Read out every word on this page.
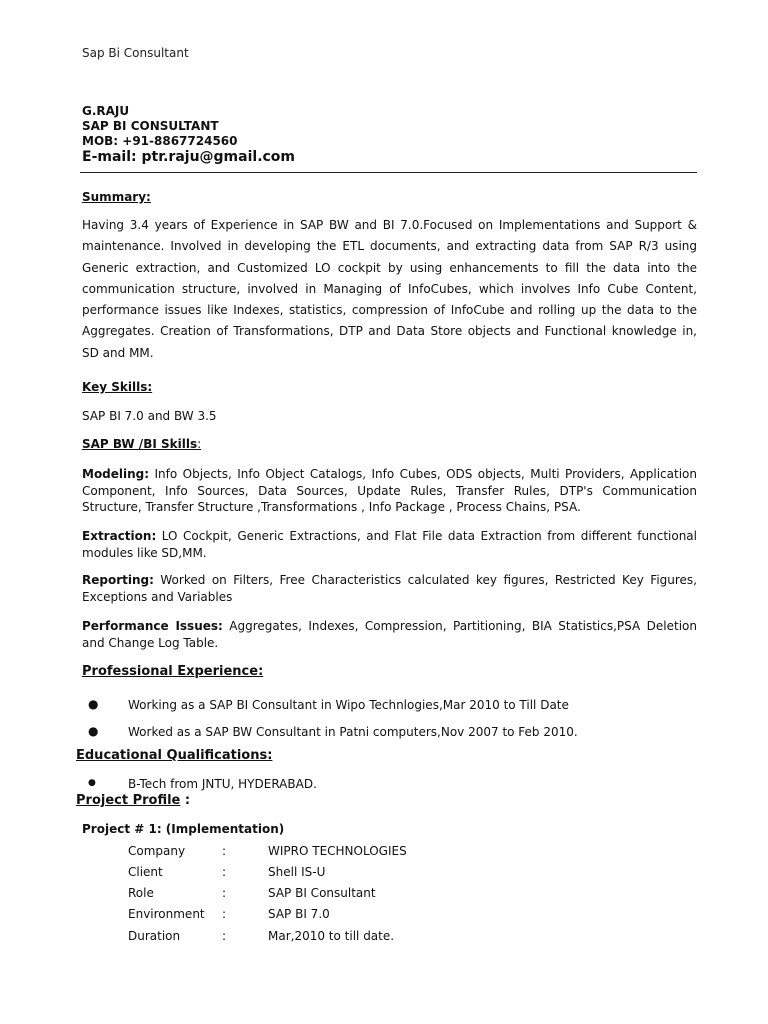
Sap Bi Consultant
G.RAJU
SAP BI CONSULTANT
MOB: +91-8867724560
E-mail: ptr.raju@gmail.com
Summary:
Having 3.4 years of Experience in SAP BW and BI 7.0.Focused on Implementations and Support & maintenance. Involved in developing the ETL documents, and extracting data from SAP R/3 using Generic extraction, and Customized LO cockpit by using enhancements to fill the data into the communication structure, involved in Managing of InfoCubes, which involves Info Cube Content, performance issues like Indexes, statistics, compression of InfoCube and rolling up the data to the Aggregates. Creation of Transformations, DTP and Data Store objects and Functional knowledge in, SD and MM.
Key Skills:
SAP BI 7.0 and BW 3.5
SAP BW /BI Skills:
Modeling: Info Objects, Info Object Catalogs, Info Cubes, ODS objects, Multi Providers, Application Component, Info Sources, Data Sources, Update Rules, Transfer Rules, DTP's Communication Structure, Transfer Structure ,Transformations , Info Package , Process Chains, PSA.
Extraction: LO Cockpit, Generic Extractions, and Flat File data Extraction from different functional modules like SD,MM.
Reporting: Worked on Filters, Free Characteristics calculated key figures, Restricted Key Figures, Exceptions and Variables
Performance Issues: Aggregates, Indexes, Compression, Partitioning, BIA Statistics,PSA Deletion and Change Log Table.
Professional Experience:
● Working as a SAP BI Consultant in Wipo Technlogies,Mar 2010 to Till Date
● Worked as a SAP BW Consultant in Patni computers,Nov 2007 to Feb 2010.
Educational Qualifications:
●	B-Tech from JNTU, HYDERABAD.
Project Profile :
Project # 1: (Implementation)
Company	:	WIPRO TECHNOLOGIES
Client	:	Shell IS-U
Role	:	SAP BI Consultant
Environment :	SAP BI 7.0
Duration	:	Mar,2010 to till date.
